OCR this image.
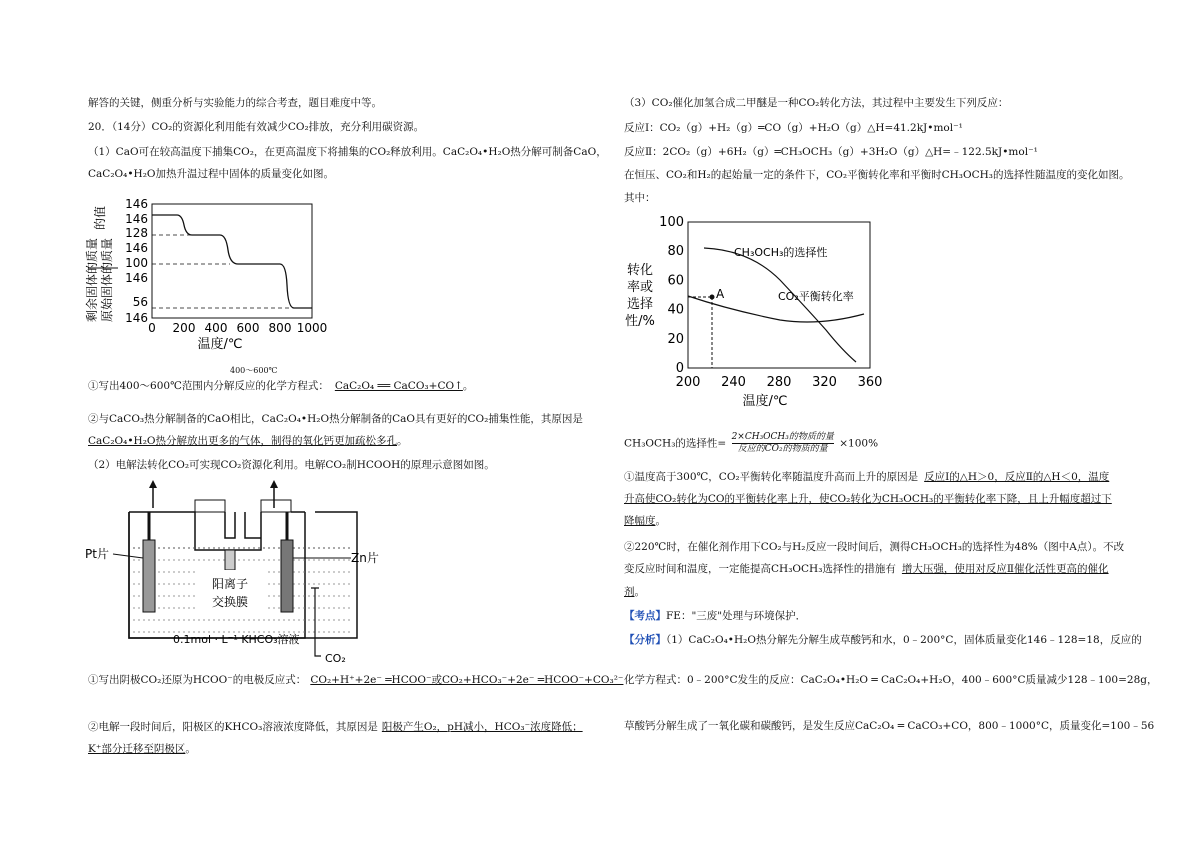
解答的关键，侧重分析与实验能力的综合考查，题目难度中等。
20．（14分）CO₂的资源化利用能有效减少CO₂排放，充分利用碳资源。
（1）CaO可在较高温度下捕集CO₂，在更高温度下将捕集的CO₂释放利用。CaC₂O₄•H₂O热分解可制备CaO，
CaC₂O₄•H₂O加热升温过程中固体的质量变化如图。
剩余固体的质量 原始固体的质量
的值
146
146
128
146
100
146
56
146
0 200 400 600 800 1000
温度/℃
①写出400～600℃范围内分解反应的化学方程式： CaC₂O₄ ══ CaCO₃+CO↑。
400～600℃
②与CaCO₃热分解制备的CaO相比，CaC₂O₄•H₂O热分解制备的CaO具有更好的CO₂捕集性能，其原因是
CaC₂O₄•H₂O热分解放出更多的气体，制得的氧化钙更加疏松多孔。
（2）电解法转化CO₂可实现CO₂资源化利用。电解CO₂制HCOOH的原理示意图如图。
Pt片	Zn片
阳离子
交换膜
0.1mol · L⁻¹ KHCO₃溶液
CO₂
①写出阴极CO₂还原为HCOO⁻的电极反应式： CO₂+H⁺+2e⁻ ═HCOO⁻或CO₂+HCO₃⁻+2e⁻ ═HCOO⁻+CO₃²⁻
②电解一段时间后，阳极区的KHCO₃溶液浓度降低，其原因是 阳极产生O₂，pH减小，HCO₃⁻浓度降低；
K⁺部分迁移至阴极区。
（3）CO₂催化加氢合成二甲醚是一种CO₂转化方法，其过程中主要发生下列反应：
反应Ⅰ：CO₂（g）+H₂（g）═CO（g）+H₂O（g）△H=41.2kJ•mol⁻¹
反应Ⅱ：2CO₂（g）+6H₂（g）═CH₃OCH₃（g）+3H₂O（g）△H=﹣122.5kJ•mol⁻¹
在恒压、CO₂和H₂的起始量一定的条件下，CO₂平衡转化率和平衡时CH₃OCH₃的选择性随温度的变化如图。
其中：
转化
率或
选择
性/%
0
20
40
60
80
100
200 240 280 320 360
A
CH₃OCH₃的选择性
CO₂平衡转化率
温度/℃
CH₃OCH₃的选择性=
2×CH₃OCH₃的物质的量
反应的CO₂的物质的量	×100%
①温度高于300℃，CO₂平衡转化率随温度升高而上升的原因是 反应Ⅰ的△H＞0，反应Ⅱ的△H＜0，温度
升高使CO₂转化为CO的平衡转化率上升，使CO₂转化为CH₃OCH₃的平衡转化率下降，且上升幅度超过下
降幅度。
②220℃时，在催化剂作用下CO₂与H₂反应一段时间后，测得CH₃OCH₃的选择性为48%（图中A点）。不改
变反应时间和温度，一定能提高CH₃OCH₃选择性的措施有 增大压强，使用对反应Ⅱ催化活性更高的催化
剂。
【考点】FE："三废"处理与环境保护．
【分析】（1）CaC₂O₄•H₂O热分解先分解生成草酸钙和水，0﹣200°C，固体质量变化146﹣128=18，反应的
化学方程式：0﹣200°C发生的反应：CaC₂O₄•H₂O ═ CaC₂O₄+H₂O，400﹣600°C质量减少128﹣100=28g，
草酸钙分解生成了一氧化碳和碳酸钙，是发生反应CaC₂O₄ ═ CaCO₃+CO，800﹣1000°C，质量变化=100﹣56
